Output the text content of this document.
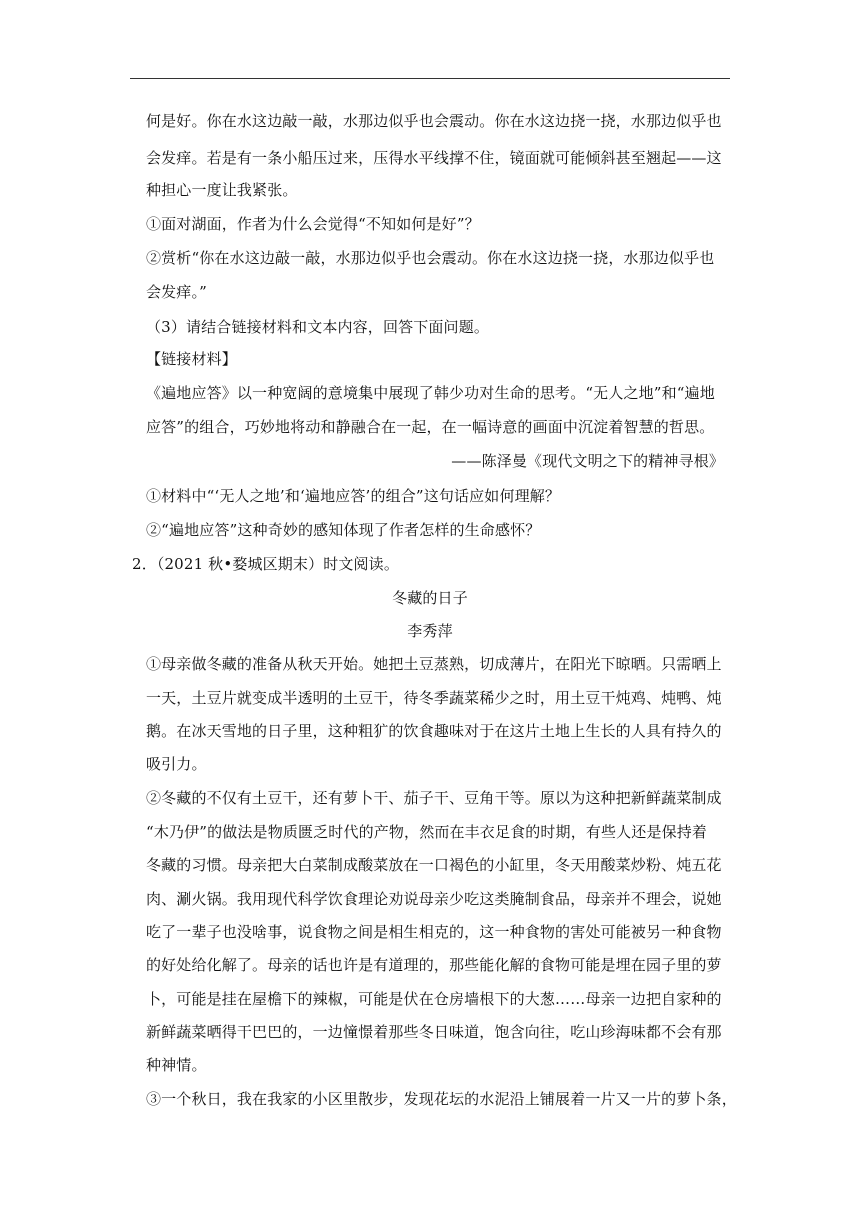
何是好。你在水这边敲一敲，水那边似乎也会震动。你在水这边挠一挠，水那边似乎也
会发痒。若是有一条小船压过来，压得水平线撑不住，镜面就可能倾斜甚至翘起——这
种担心一度让我紧张。
①面对湖面，作者为什么会觉得“不知如何是好”？
②赏析“你在水这边敲一敲，水那边似乎也会震动。你在水这边挠一挠，水那边似乎也
会发痒。”
（3）请结合链接材料和文本内容，回答下面问题。
【链接材料】
《遍地应答》以一种宽阔的意境集中展现了韩少功对生命的思考。“无人之地”和“遍地
应答”的组合，巧妙地将动和静融合在一起，在一幅诗意的画面中沉淀着智慧的哲思。
——陈泽曼《现代文明之下的精神寻根》
①材料中“‘无人之地’和‘遍地应答’的组合”这句话应如何理解？
②“遍地应答”这种奇妙的感知体现了作者怎样的生命感怀？
2．（2021 秋•婺城区期末）时文阅读。
冬藏的日子
李秀萍
①母亲做冬藏的准备从秋天开始。她把土豆蒸熟，切成薄片，在阳光下晾晒。只需晒上
一天，土豆片就变成半透明的土豆干，待冬季蔬菜稀少之时，用土豆干炖鸡、炖鸭、炖
鹅。在冰天雪地的日子里，这种粗犷的饮食趣味对于在这片土地上生长的人具有持久的
吸引力。
②冬藏的不仅有土豆干，还有萝卜干、茄子干、豆角干等。原以为这种把新鲜蔬菜制成
“木乃伊”的做法是物质匮乏时代的产物，然而在丰衣足食的时期，有些人还是保持着
冬藏的习惯。母亲把大白菜制成酸菜放在一口褐色的小缸里，冬天用酸菜炒粉、炖五花
肉、涮火锅。我用现代科学饮食理论劝说母亲少吃这类腌制食品，母亲并不理会，说她
吃了一辈子也没啥事，说食物之间是相生相克的，这一种食物的害处可能被另一种食物
的好处给化解了。母亲的话也许是有道理的，那些能化解的食物可能是埋在园子里的萝
卜，可能是挂在屋檐下的辣椒，可能是伏在仓房墙根下的大葱……母亲一边把自家种的
新鲜蔬菜晒得干巴巴的，一边憧憬着那些冬日味道，饱含向往，吃山珍海味都不会有那
种神情。
③一个秋日，我在我家的小区里散步，发现花坛的水泥沿上铺展着一片又一片的萝卜条，
